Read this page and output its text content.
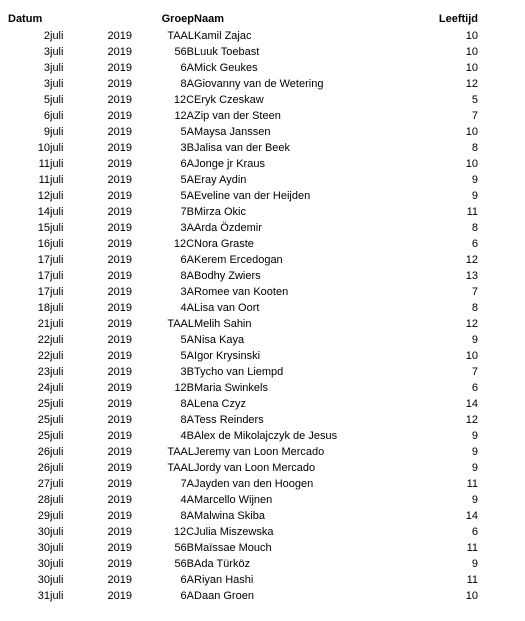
Datum			Groep	Naam	Leeftijd
2	juli	2019	TAAL	Kamil Zajac	10
3	juli	2019	56B	Luuk Toebast	10
3	juli	2019	6A	Mick Geukes	10
3	juli	2019	8A	Giovanny van de Wetering	12
5	juli	2019	12C	Eryk Czeskaw	5
6	juli	2019	12A	Zip van der Steen	7
9	juli	2019	5A	Maysa Janssen	10
10	juli	2019	3B	Jalisa van der Beek	8
11	juli	2019	6A	Jonge jr Kraus	10
11	juli	2019	5A	Eray Aydin	9
12	juli	2019	5A	Eveline van der Heijden	9
14	juli	2019	7B	Mirza Okic	11
15	juli	2019	3A	Arda Özdemir	8
16	juli	2019	12C	Nora Graste	6
17	juli	2019	6A	Kerem Ercedogan	12
17	juli	2019	8A	Bodhy Zwiers	13
17	juli	2019	3A	Romee van Kooten	7
18	juli	2019	4A	Lisa van Oort	8
21	juli	2019	TAAL	Melih Sahin	12
22	juli	2019	5A	Nisa Kaya	9
22	juli	2019	5A	Igor Krysinski	10
23	juli	2019	3B	Tycho van Liempd	7
24	juli	2019	12B	Maria Swinkels	6
25	juli	2019	8A	Lena Czyz	14
25	juli	2019	8A	Tess Reinders	12
25	juli	2019	4B	Alex de Mikolajczyk de Jesus	9
26	juli	2019	TAAL	Jeremy van Loon Mercado	9
26	juli	2019	TAAL	Jordy van Loon Mercado	9
27	juli	2019	7A	Jayden van den Hoogen	11
28	juli	2019	4A	Marcello Wijnen	9
29	juli	2019	8A	Malwina Skiba	14
30	juli	2019	12C	Julia Miszewska	6
30	juli	2019	56B	Maïssae Mouch	11
30	juli	2019	56B	Ada Türköz	9
30	juli	2019	6A	Riyan Hashi	11
31	juli	2019	6A	Daan Groen	10
